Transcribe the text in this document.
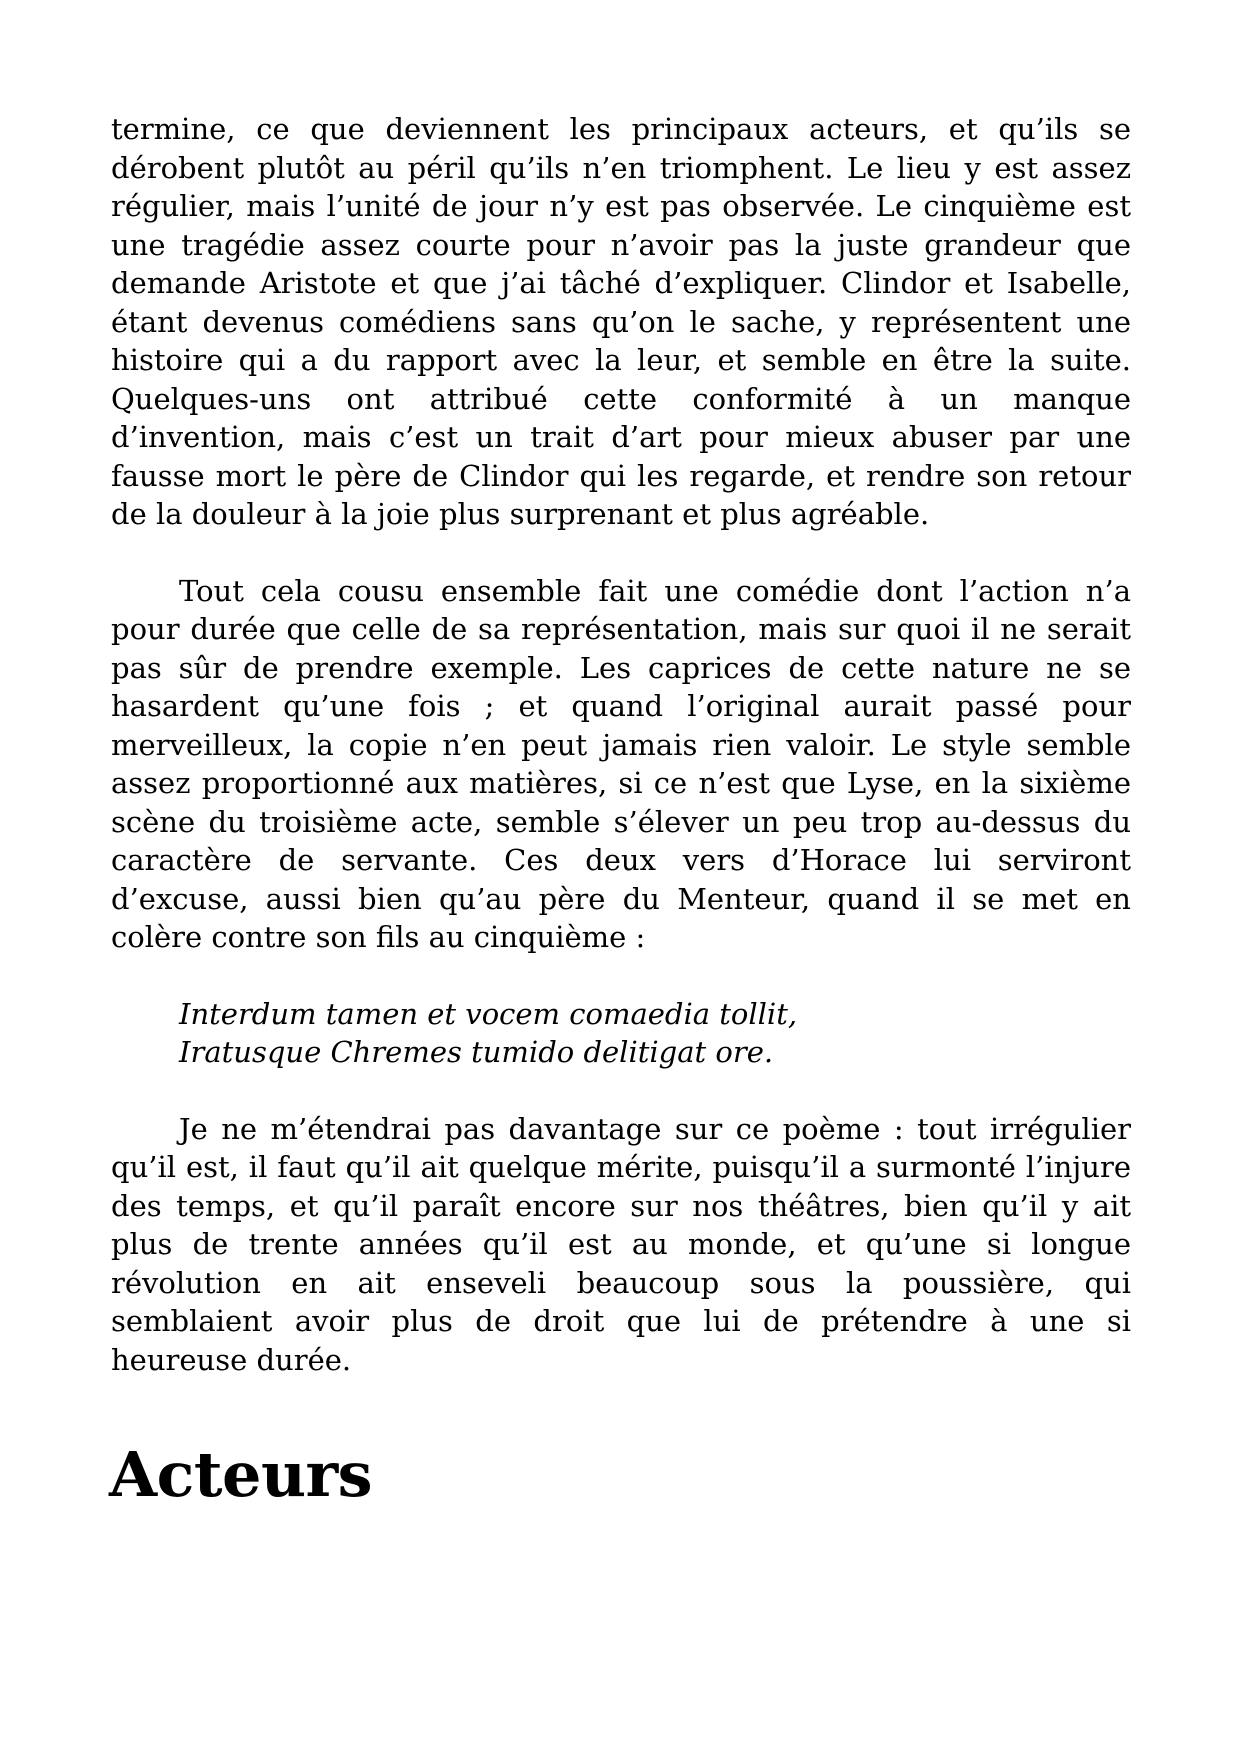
termine, ce que deviennent les principaux acteurs, et qu’ils se dérobent plutôt au péril qu’ils n’en triomphent. Le lieu y est assez régulier, mais l’unité de jour n’y est pas observée. Le cinquième est une tragédie assez courte pour n’avoir pas la juste grandeur que demande Aristote et que j’ai tâché d’expliquer. Clindor et Isabelle, étant devenus comédiens sans qu’on le sache, y représentent une histoire qui a du rapport avec la leur, et semble en être la suite. Quelques-uns ont attribué cette conformité à un manque d’invention, mais c’est un trait d’art pour mieux abuser par une fausse mort le père de Clindor qui les regarde, et rendre son retour de la douleur à la joie plus surprenant et plus agréable.

Tout cela cousu ensemble fait une comédie dont l’action n’a pour durée que celle de sa représentation, mais sur quoi il ne serait pas sûr de prendre exemple. Les caprices de cette nature ne se hasardent qu’une fois ; et quand l’original aurait passé pour merveilleux, la copie n’en peut jamais rien valoir. Le style semble assez proportionné aux matières, si ce n’est que Lyse, en la sixième scène du troisième acte, semble s’élever un peu trop au-dessus du caractère de servante. Ces deux vers d’Horace lui serviront d’excuse, aussi bien qu’au père du Menteur, quand il se met en colère contre son fils au cinquième :

Interdum tamen et vocem comaedia tollit,
Iratusque Chremes tumido delitigat ore.

Je ne m’étendrai pas davantage sur ce poème : tout irrégulier qu’il est, il faut qu’il ait quelque mérite, puisqu’il a surmonté l’injure des temps, et qu’il paraît encore sur nos théâtres, bien qu’il y ait plus de trente années qu’il est au monde, et qu’une si longue révolution en ait enseveli beaucoup sous la poussière, qui semblaient avoir plus de droit que lui de prétendre à une si heureuse durée.

Acteurs
